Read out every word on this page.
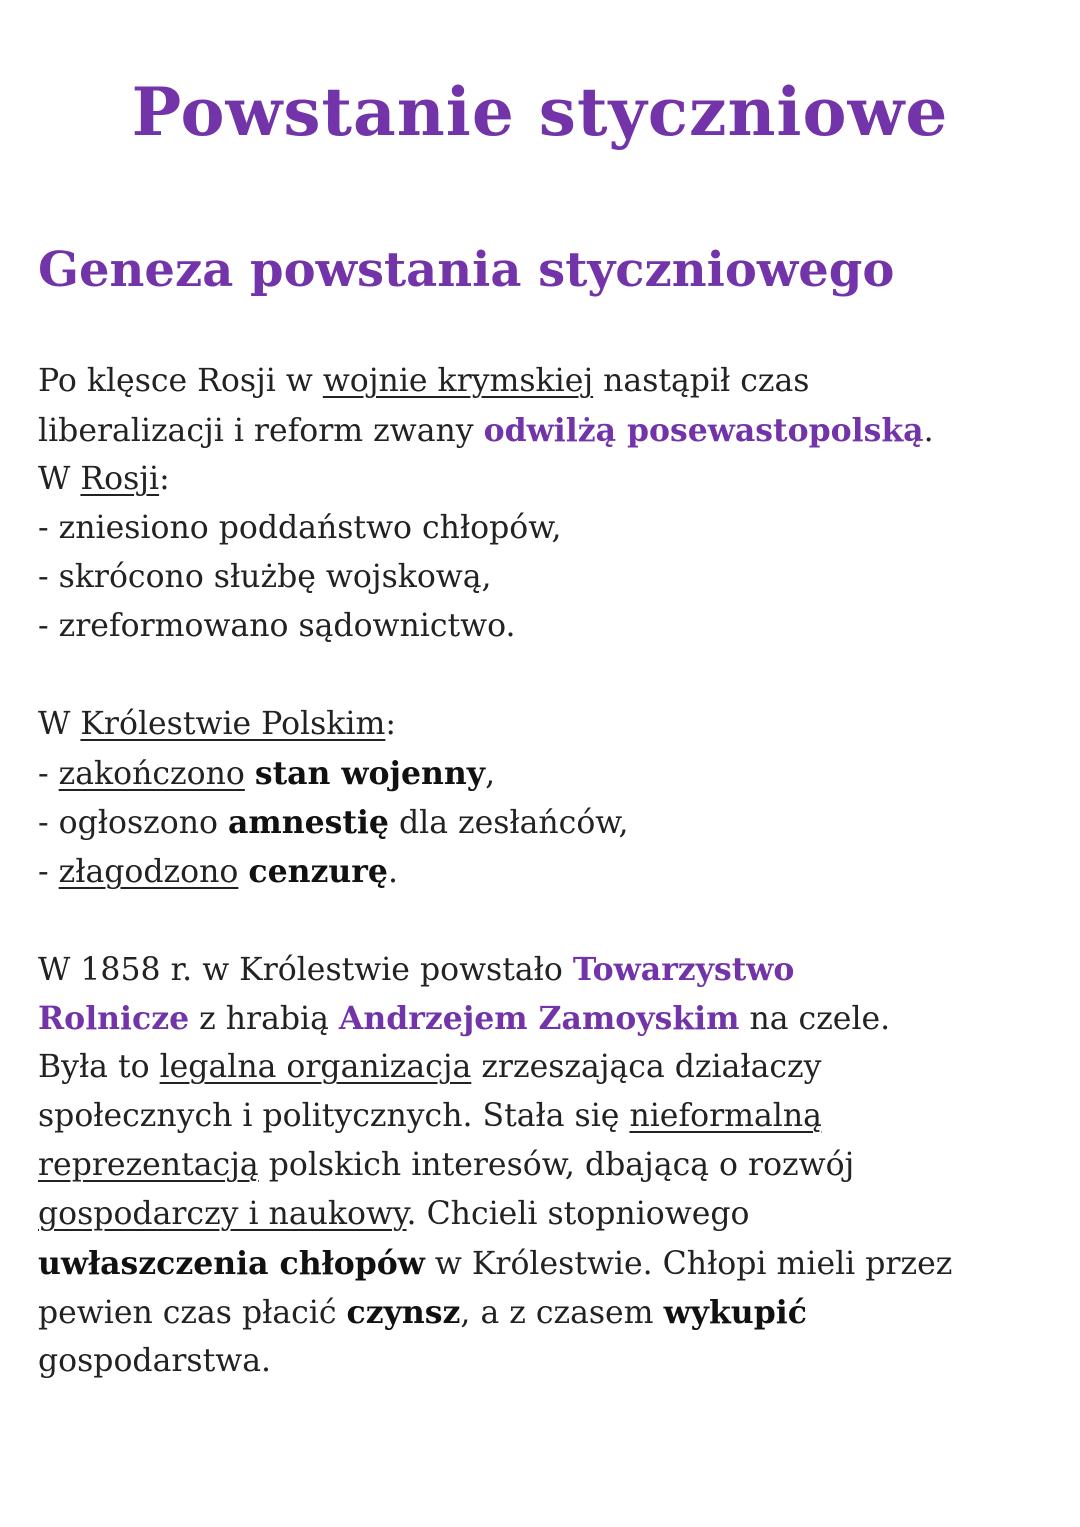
Powstanie styczniowe
Geneza powstania styczniowego
Po klęsce Rosji w wojnie krymskiej nastąpił czas
liberalizacji i reform zwany odwilżą posewastopolską.
W Rosji:
- zniesiono poddaństwo chłopów,
- skrócono służbę wojskową,
- zreformowano sądownictwo.
W Królestwie Polskim:
- zakończono stan wojenny,
- ogłoszono amnestię dla zesłańców,
- złagodzono cenzurę.
W 1858 r. w Królestwie powstało Towarzystwo
Rolnicze z hrabią Andrzejem Zamoyskim na czele.
Była to legalna organizacja zrzeszająca działaczy
społecznych i politycznych. Stała się nieformalną
reprezentacją polskich interesów, dbającą o rozwój
gospodarczy i naukowy. Chcieli stopniowego
uwłaszczenia chłopów w Królestwie. Chłopi mieli przez
pewien czas płacić czynsz, a z czasem wykupić
gospodarstwa.
